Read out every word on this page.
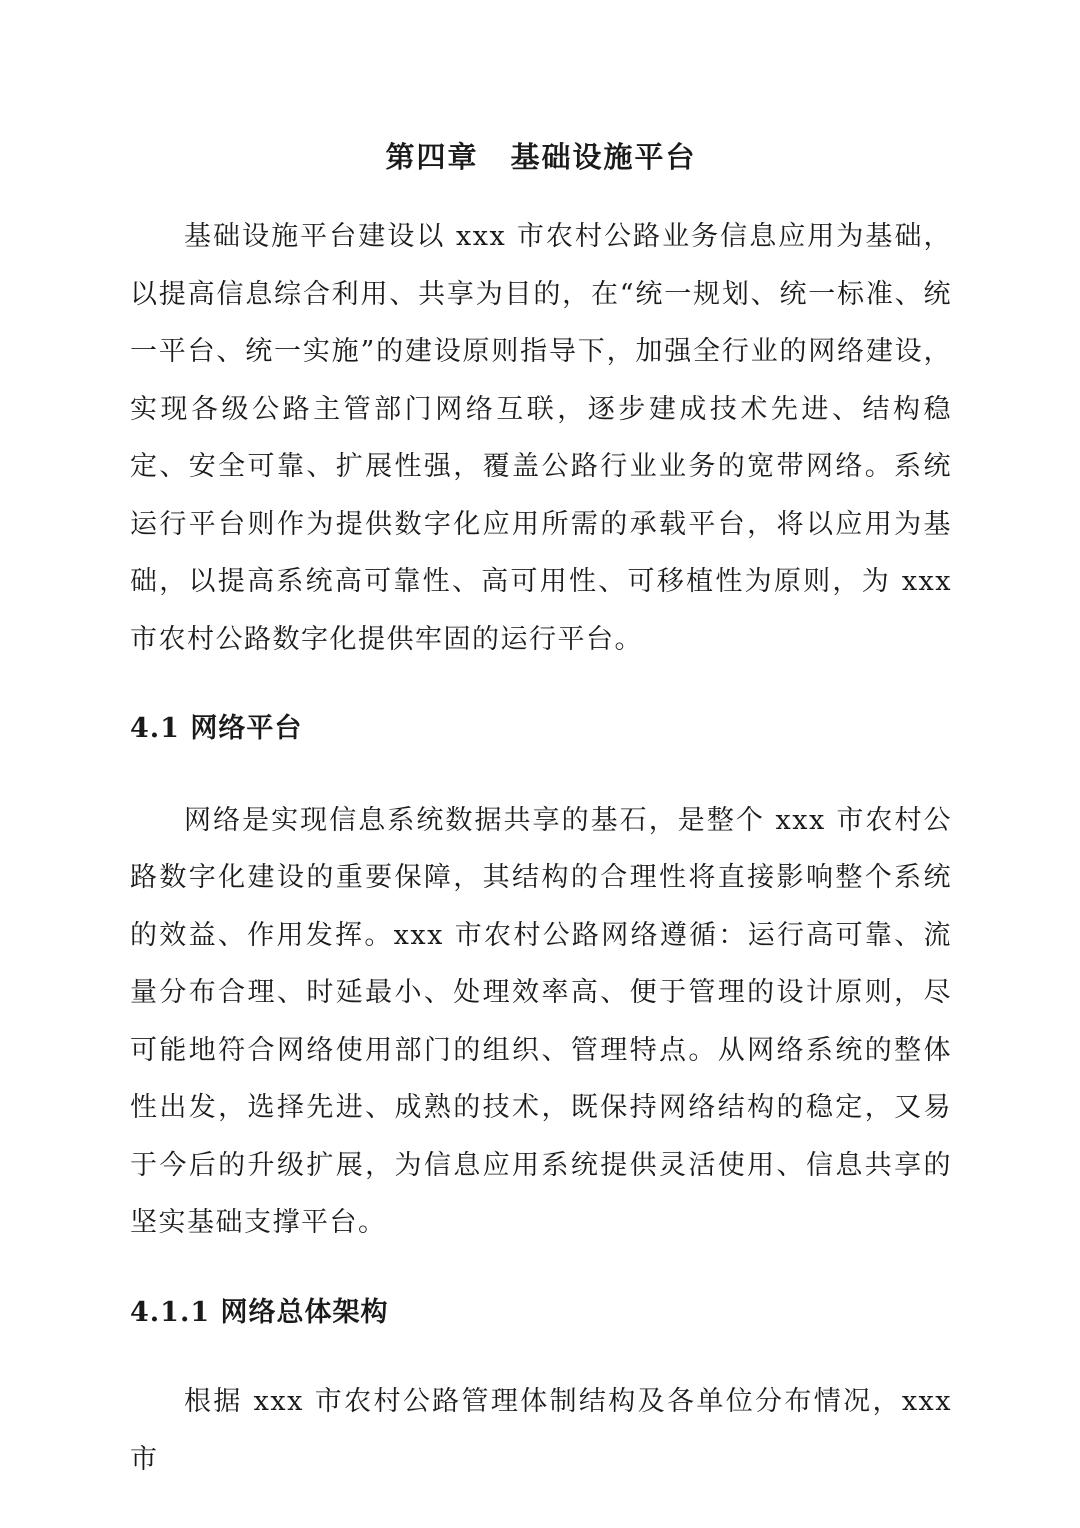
第四章 基础设施平台

基础设施平台建设以 xxx 市农村公路业务信息应用为基础，以提高信息综合利用、共享为目的，在“统一规划、统一标准、统一平台、统一实施”的建设原则指导下，加强全行业的网络建设，实现各级公路主管部门网络互联，逐步建成技术先进、结构稳定、安全可靠、扩展性强，覆盖公路行业业务的宽带网络。系统运行平台则作为提供数字化应用所需的承载平台，将以应用为基础，以提高系统高可靠性、高可用性、可移植性为原则，为 xxx 市农村公路数字化提供牢固的运行平台。

4.1 网络平台

网络是实现信息系统数据共享的基石，是整个 xxx 市农村公路数字化建设的重要保障，其结构的合理性将直接影响整个系统的效益、作用发挥。xxx 市农村公路网络遵循：运行高可靠、流量分布合理、时延最小、处理效率高、便于管理的设计原则，尽可能地符合网络使用部门的组织、管理特点。从网络系统的整体性出发，选择先进、成熟的技术，既保持网络结构的稳定，又易于今后的升级扩展，为信息应用系统提供灵活使用、信息共享的坚实基础支撑平台。

4.1.1 网络总体架构

根据 xxx 市农村公路管理体制结构及各单位分布情况，xxx 市
